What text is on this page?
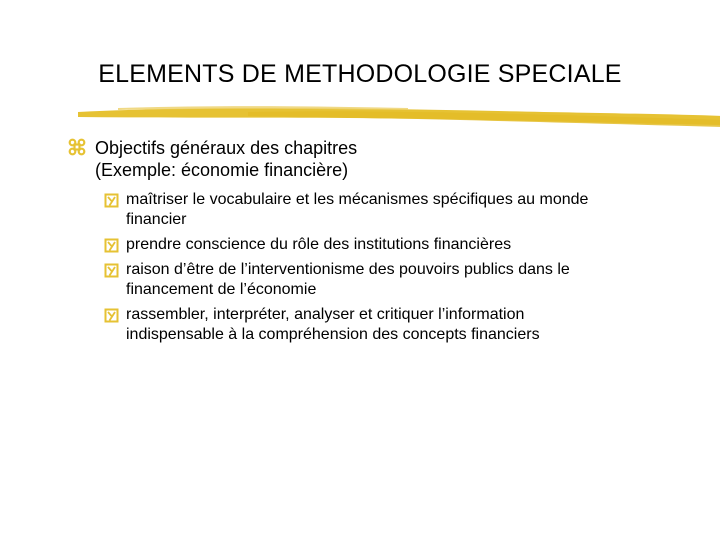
ELEMENTS DE METHODOLOGIE SPECIALE
Objectifs généraux des chapitres
(Exemple: économie financière)
maîtriser le vocabulaire et les mécanismes spécifiques au monde
financier
prendre conscience du rôle des institutions financières
raison d’être de l’interventionisme des pouvoirs publics dans le
financement de l’économie
rassembler, interpréter, analyser et critiquer l’information
indispensable à la compréhension des concepts financiers
